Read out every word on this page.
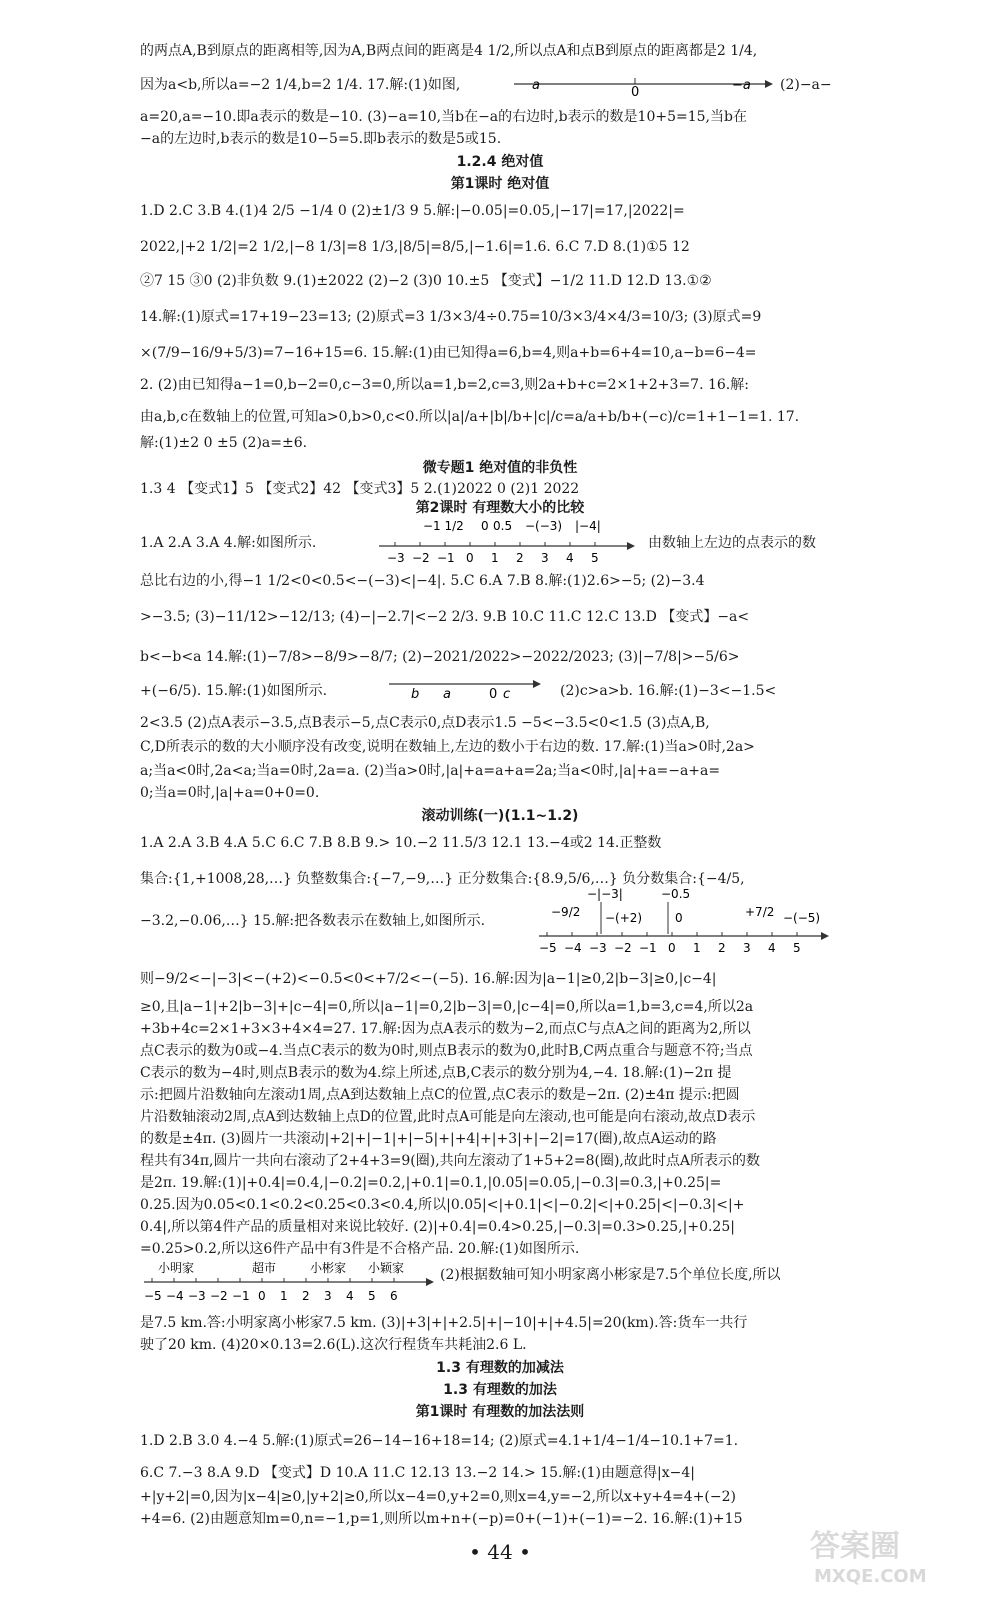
的两点A,B到原点的距离相等,因为A,B两点间的距离是4 1/2,所以点A和点B到原点的距离都是2 1/4,
因为a<b,所以a=−2 1/4,b=2 1/4. 17.解:(1)如图,	a	0	−a (2)−a−
a=20,a=−10.即a表示的数是−10. (3)−a=10,当b在−a的右边时,b表示的数是10+5=15,当b在
−a的左边时,b表示的数是10−5=5.即b表示的数是5或15.
1.2.4 绝对值
第1课时 绝对值
1.D 2.C 3.B 4.(1)4 2/5 −1/4 0 (2)±1/3 9 5.解:|−0.05|=0.05,|−17|=17,|2022|=
2022,|+2 1/2|=2 1/2,|−8 1/3|=8 1/3,|8/5|=8/5,|−1.6|=1.6. 6.C 7.D 8.(1)①5 12
②7 15 ③0 (2)非负数 9.(1)±2022 (2)−2 (3)0 10.±5 【变式】−1/2 11.D 12.D 13.①②
14.解:(1)原式=17+19−23=13; (2)原式=3 1/3×3/4÷0.75=10/3×3/4×4/3=10/3; (3)原式=9
×(7/9−16/9+5/3)=7−16+15=6. 15.解:(1)由已知得a=6,b=4,则a+b=6+4=10,a−b=6−4=
2. (2)由已知得a−1=0,b−2=0,c−3=0,所以a=1,b=2,c=3,则2a+b+c=2×1+2+3=7. 16.解:
由a,b,c在数轴上的位置,可知a>0,b>0,c<0.所以|a|/a+|b|/b+|c|/c=a/a+b/b+(−c)/c=1+1−1=1. 17.
解:(1)±2 0 ±5 (2)a=±6.
微专题1 绝对值的非负性
1.3 4 【变式1】5 【变式2】42 【变式3】5 2.(1)2022 0 (2)1 2022
第2课时 有理数大小的比较
1.A 2.A 3.A 4.解:如图所示.
−1 1/2 0 0.5 −(−3) |−4|
−3 −2 −1 0 1 2 3 4 5
由数轴上左边的点表示的数
总比右边的小,得−1 1/2<0<0.5<−(−3)<|−4|. 5.C 6.A 7.B 8.解:(1)2.6>−5; (2)−3.4
>−3.5; (3)−11/12>−12/13; (4)−|−2.7|<−2 2/3. 9.B 10.C 11.C 12.C 13.D 【变式】−a<
b<−b<a 14.解:(1)−7/8>−8/9>−8/7; (2)−2021/2022>−2022/2023; (3)|−7/8|>−5/6>
+(−6/5). 15.解:(1)如图所示.	b a	0 c	(2)c>a>b. 16.解:(1)−3<−1.5<
2<3.5 (2)点A表示−3.5,点B表示−5,点C表示0,点D表示1.5 −5<−3.5<0<1.5 (3)点A,B,
C,D所表示的数的大小顺序没有改变,说明在数轴上,左边的数小于右边的数. 17.解:(1)当a>0时,2a>
a;当a<0时,2a<a;当a=0时,2a=a. (2)当a>0时,|a|+a=a+a=2a;当a<0时,|a|+a=−a+a=
0;当a=0时,|a|+a=0+0=0.
滚动训练(一)(1.1~1.2)
1.A 2.A 3.B 4.A 5.C 6.C 7.B 8.B 9.> 10.−2 11.5/3 12.1 13.−4或2 14.正整数
集合:{1,+1008,28,…} 负整数集合:{−7,−9,…} 正分数集合:{8.9,5/6,…} 负分数集合:{−4/5,
−3.2,−0.06,…} 15.解:把各数表示在数轴上,如图所示.
−9/2
−|−3|
−(+2)
−0.5
0	+7/2 −(−5)
−5 −4 −3 −2 −1 0 1 2 3 4 5
则−9/2<−|−3|<−(+2)<−0.5<0<+7/2<−(−5). 16.解:因为|a−1|≥0,2|b−3|≥0,|c−4|
≥0,且|a−1|+2|b−3|+|c−4|=0,所以|a−1|=0,2|b−3|=0,|c−4|=0,所以a=1,b=3,c=4,所以2a
+3b+4c=2×1+3×3+4×4=27. 17.解:因为点A表示的数为−2,而点C与点A之间的距离为2,所以
点C表示的数为0或−4.当点C表示的数为0时,则点B表示的数为0,此时B,C两点重合与题意不符;当点
C表示的数为−4时,则点B表示的数为4.综上所述,点B,C表示的数分别为4,−4. 18.解:(1)−2π 提
示:把圆片沿数轴向左滚动1周,点A到达数轴上点C的位置,点C表示的数是−2π. (2)±4π 提示:把圆
片沿数轴滚动2周,点A到达数轴上点D的位置,此时点A可能是向左滚动,也可能是向右滚动,故点D表示
的数是±4π. (3)圆片一共滚动|+2|+|−1|+|−5|+|+4|+|+3|+|−2|=17(圈),故点A运动的路
程共有34π,圆片一共向右滚动了2+4+3=9(圈),共向左滚动了1+5+2=8(圈),故此时点A所表示的数
是2π. 19.解:(1)|+0.4|=0.4,|−0.2|=0.2,|+0.1|=0.1,|0.05|=0.05,|−0.3|=0.3,|+0.25|=
0.25.因为0.05<0.1<0.2<0.25<0.3<0.4,所以|0.05|<|+0.1|<|−0.2|<|+0.25|<|−0.3|<|+
0.4|,所以第4件产品的质量相对来说比较好. (2)|+0.4|=0.4>0.25,|−0.3|=0.3>0.25,|+0.25|
=0.25>0.2,所以这6件产品中有3件是不合格产品. 20.解:(1)如图所示.
小明家	超市	小彬家 小颖家
−5 −4 −3 −2 −1 0 1 2 3 4 5 6
(2)根据数轴可知小明家离小彬家是7.5个单位长度,所以
是7.5 km.答:小明家离小彬家7.5 km. (3)|+3|+|+2.5|+|−10|+|+4.5|=20(km).答:货车一共行
驶了20 km. (4)20×0.13=2.6(L).这次行程货车共耗油2.6 L.
1.3 有理数的加减法
1.3 有理数的加法
第1课时 有理数的加法法则
1.D 2.B 3.0 4.−4 5.解:(1)原式=26−14−16+18=14; (2)原式=4.1+1/4−1/4−10.1+7=1.
6.C 7.−3 8.A 9.D 【变式】D 10.A 11.C 12.13 13.−2 14.> 15.解:(1)由题意得|x−4|
+|y+2|=0,因为|x−4|≥0,|y+2|≥0,所以x−4=0,y+2=0,则x=4,y=−2,所以x+y+4=4+(−2)
+4=6. (2)由题意知m=0,n=−1,p=1,则所以m+n+(−p)=0+(−1)+(−1)=−2. 16.解:(1)+15
• 44 •	答案圈
MXQE.COM
